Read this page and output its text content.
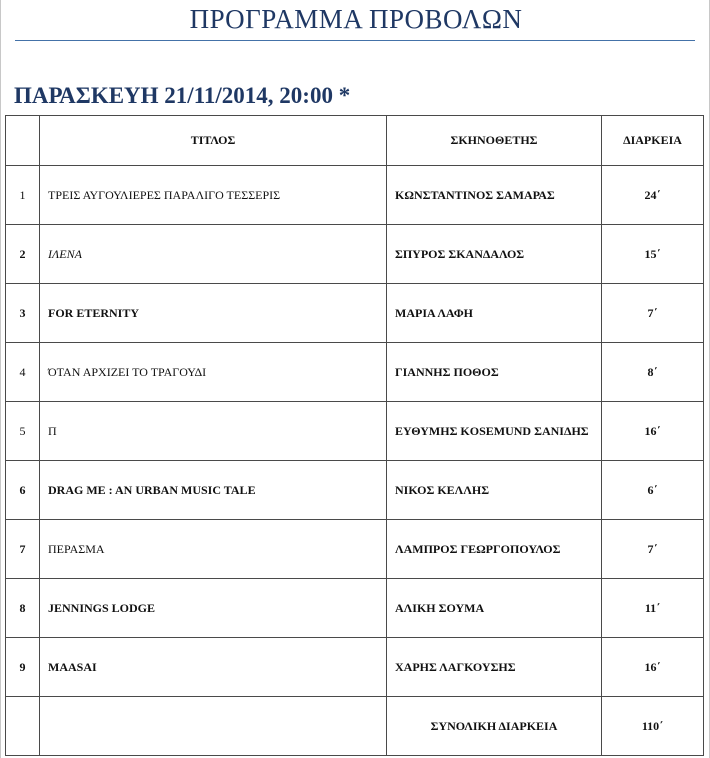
ΠΡΟΓΡΑΜΜΑ ΠΡΟΒΟΛΩΝ
ΠΑΡΑΣΚΕΥΗ 21/11/2014, 20:00 *
	ΤΙΤΛΟΣ	ΣΚΗΝΟΘΕΤΗΣ	ΔΙΑΡΚΕΙΑ
1	ΤΡΕΙΣ ΑΥΓΟΥΛΙΕΡΕΣ ΠΑΡΑΛΙΓΟ ΤΕΣΣΕΡΙΣ	ΚΩΝΣΤΑΝΤΙΝΟΣ ΣΑΜΑΡΑΣ	24΄
2	ΙΛΕΝΑ	ΣΠΥΡΟΣ ΣΚΑΝΔΑΛΟΣ	15΄
3	FOR ETERNITY	ΜΑΡΙΑ ΛΑΦΗ	7΄
4	ΌΤΑΝ ΑΡΧΙΖΕΙ ΤΟ ΤΡΑΓΟΥΔΙ	ΓΙΑΝΝΗΣ ΠΟΘΟΣ	8΄
5	Π	ΕΥΘΥΜΗΣ KOSEMUND ΣΑΝΙΔΗΣ	16΄
6	DRAG ME : AN URBAN MUSIC TALE	ΝΙΚΟΣ ΚΕΛΛΗΣ	6΄
7	ΠΕΡΑΣΜΑ	ΛΑΜΠΡΟΣ ΓΕΩΡΓΟΠΟΥΛΟΣ	7΄
8	JENNINGS LODGE	ΑΛΙΚΗ ΣΟΥΜΑ	11΄
9	MAASAI	ΧΑΡΗΣ ΛΑΓΚΟΥΣΗΣ	16΄
		ΣΥΝΟΛΙΚΗ ΔΙΑΡΚΕΙΑ	110΄
